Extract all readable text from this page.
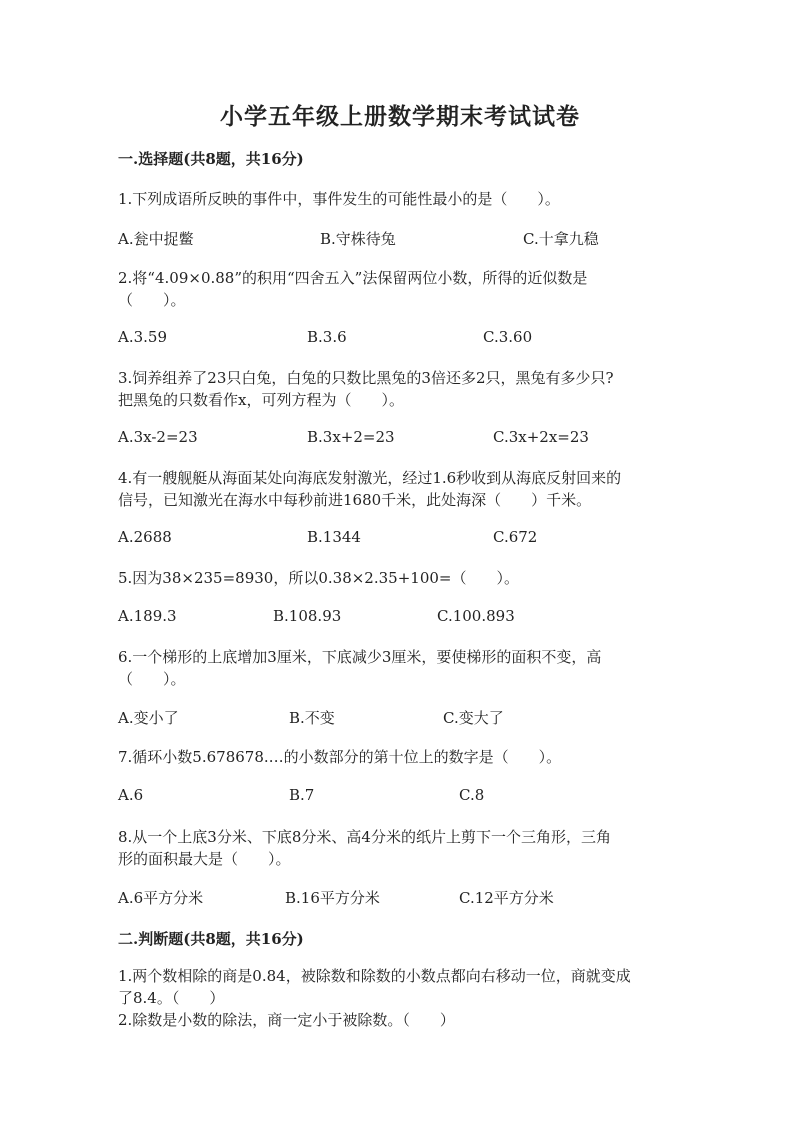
小学五年级上册数学期末考试试卷
一.选择题(共8题，共16分)
1.下列成语所反映的事件中，事件发生的可能性最小的是（　　）。
A.瓮中捉鳖	B.守株待兔	C.十拿九稳
2.将“4.09×0.88”的积用“四舍五入”法保留两位小数，所得的近似数是
（　　）。
A.3.59	B.3.6	C.3.60
3.饲养组养了23只白兔，白兔的只数比黑兔的3倍还多2只，黑兔有多少只?
把黑兔的只数看作x，可列方程为（　　）。
A.3x-2=23	B.3x+2=23	C.3x+2x=23
4.有一艘舰艇从海面某处向海底发射激光，经过1.6秒收到从海底反射回来的
信号，已知激光在海水中每秒前进1680千米，此处海深（　　）千米。
A.2688	B.1344	C.672
5.因为38×235=8930，所以0.38×2.35+100=（　　）。
A.189.3	B.108.93	C.100.893
6.一个梯形的上底增加3厘米，下底减少3厘米，要使梯形的面积不变，高
（　　）。
A.变小了	B.不变	C.变大了
7.循环小数5.678678.…的小数部分的第十位上的数字是（　　）。
A.6	B.7	C.8
8.从一个上底3分米、下底8分米、高4分米的纸片上剪下一个三角形，三角
形的面积最大是（　　）。
A.6平方分米	B.16平方分米	C.12平方分米
二.判断题(共8题，共16分)
1.两个数相除的商是0.84，被除数和除数的小数点都向右移动一位，商就变成
了8.4。（　　）
2.除数是小数的除法，商一定小于被除数。（　　）
